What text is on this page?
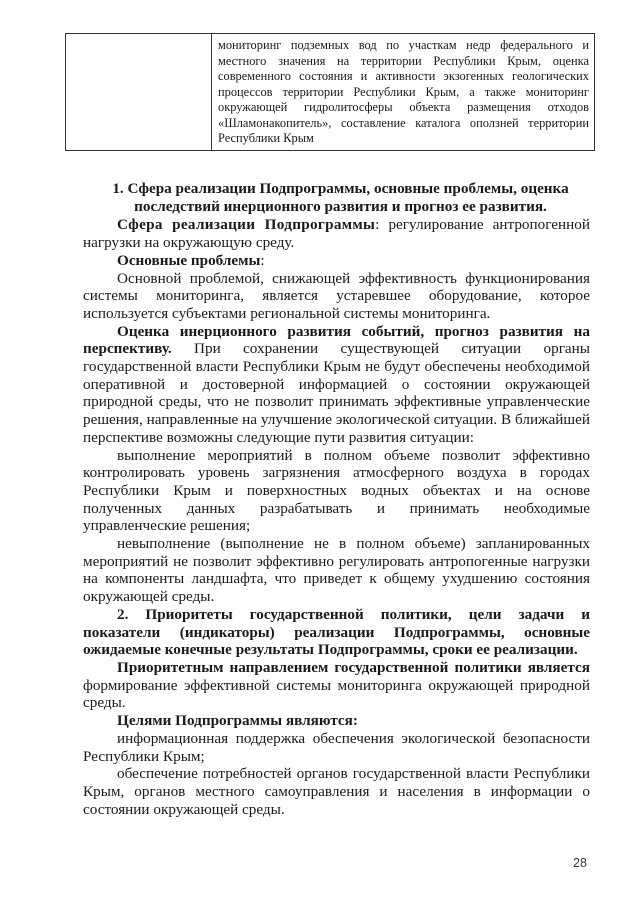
мониторинг подземных вод по участкам недр федерального и местного значения на территории Республики Крым, оценка современного состояния и активности экзогенных геологических процессов территории Республики Крым, а также мониторинг окружающей гидролитосферы объекта размещения отходов «Шламонакопитель», составление каталога оползней территории Республики Крым

1. Сфера реализации Подпрограммы, основные проблемы, оценка последствий инерционного развития и прогноз ее развития.

Сфера реализации Подпрограммы: регулирование антропогенной нагрузки на окружающую среду.

Основные проблемы:

Основной проблемой, снижающей эффективность функционирования системы мониторинга, является устаревшее оборудование, которое используется субъектами региональной системы мониторинга.

Оценка инерционного развития событий, прогноз развития на перспективу. При сохранении существующей ситуации органы государственной власти Республики Крым не будут обеспечены необходимой оперативной и достоверной информацией о состоянии окружающей природной среды, что не позволит принимать эффективные управленческие решения, направленные на улучшение экологической ситуации. В ближайшей перспективе возможны следующие пути развития ситуации:

выполнение мероприятий в полном объеме позволит эффективно контролировать уровень загрязнения атмосферного воздуха в городах Республики Крым и поверхностных водных объектах и на основе полученных данных разрабатывать и принимать необходимые управленческие решения;

невыполнение (выполнение не в полном объеме) запланированных мероприятий не позволит эффективно регулировать антропогенные нагрузки на компоненты ландшафта, что приведет к общему ухудшению состояния окружающей среды.

2. Приоритеты государственной политики, цели задачи и показатели (индикаторы) реализации Подпрограммы, основные ожидаемые конечные результаты Подпрограммы, сроки ее реализации.

Приоритетным направлением государственной политики является формирование эффективной системы мониторинга окружающей природной среды.

Целями Подпрограммы являются:

информационная поддержка обеспечения экологической безопасности Республики Крым;

обеспечение потребностей органов государственной власти Республики Крым, органов местного самоуправления и населения в информации о состоянии окружающей среды.

28
